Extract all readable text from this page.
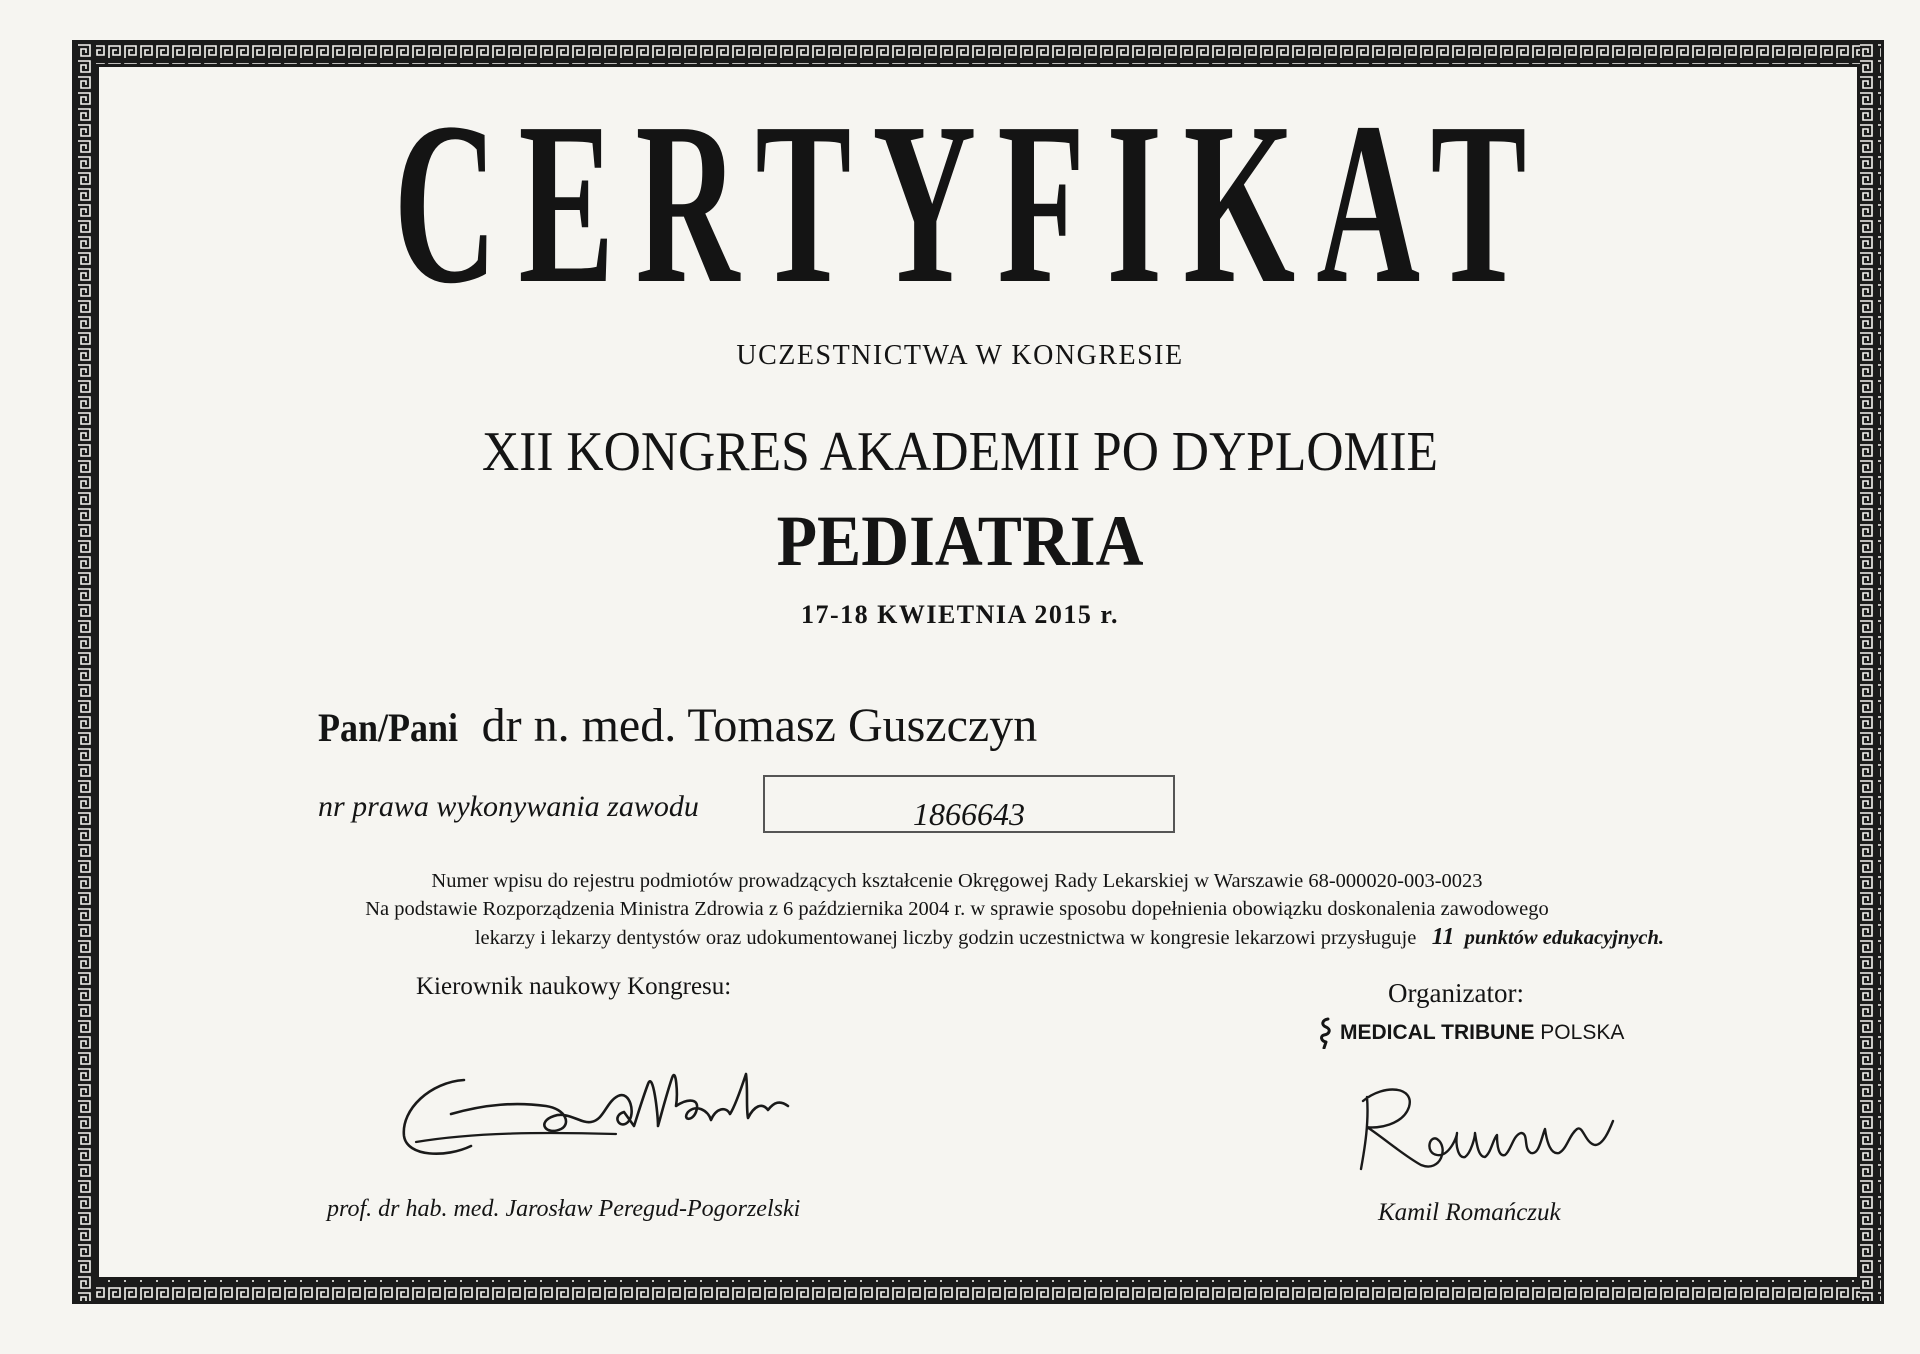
CERTYFIKAT
UCZESTNICTWA W KONGRESIE
XII KONGRES AKADEMII PO DYPLOMIE
PEDIATRIA
17-18 KWIETNIA 2015 r.
Pan/Pani dr n. med. Tomasz Guszczyn
nr prawa wykonywania zawodu	1866643
Numer wpisu do rejestru podmiotów prowadzących kształcenie Okręgowej Rady Lekarskiej w Warszawie 68-000020-003-0023
Na podstawie Rozporządzenia Ministra Zdrowia z 6 października 2004 r. w sprawie sposobu dopełnienia obowiązku doskonalenia zawodowego
lekarzy i lekarzy dentystów oraz udokumentowanej liczby godzin uczestnictwa w kongresie lekarzowi przysługuje 11 punktów edukacyjnych.
Kierownik naukowy Kongresu:	Organizator:
MEDICAL TRIBUNE POLSKA
prof. dr hab. med. Jarosław Peregud-Pogorzelski	Kamil Romańczuk
